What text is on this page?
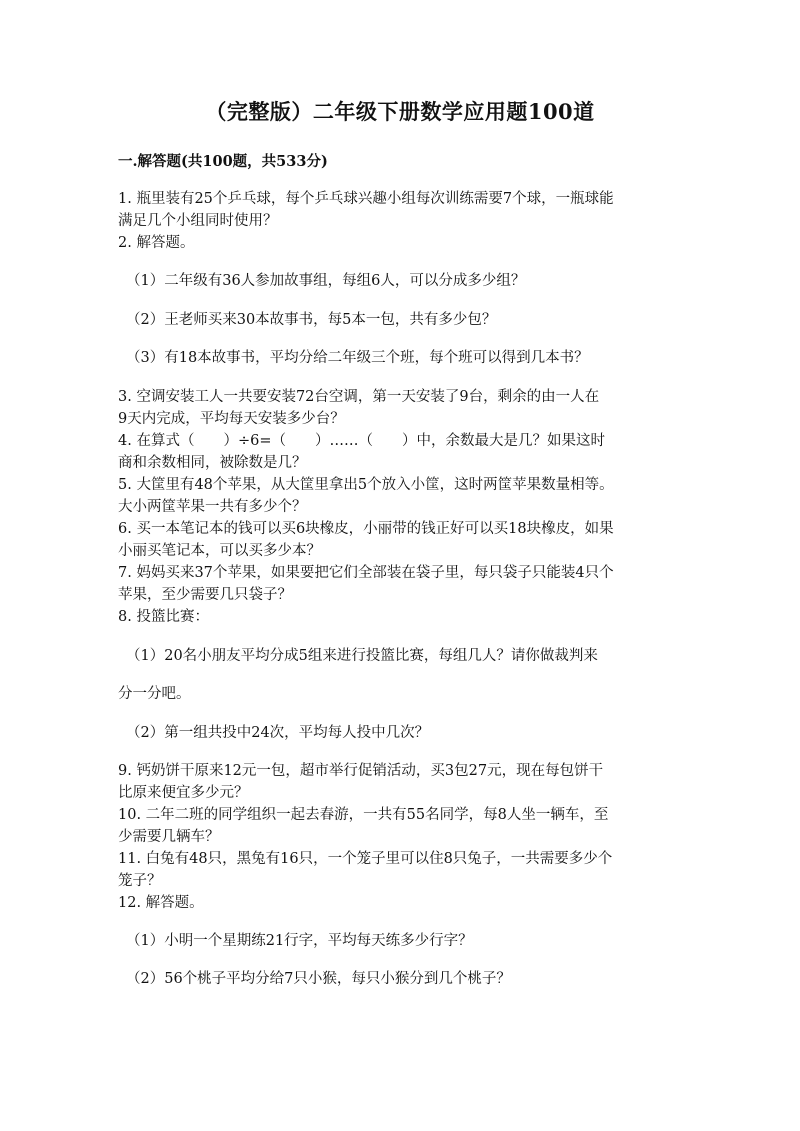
（完整版）二年级下册数学应用题100道
一.解答题(共100题，共533分)
1. 瓶里装有25个乒乓球，每个乒乓球兴趣小组每次训练需要7个球，一瓶球能
满足几个小组同时使用？
2. 解答题。
（1）二年级有36人参加故事组，每组6人，可以分成多少组？
（2）王老师买来30本故事书，每5本一包，共有多少包？
（3）有18本故事书，平均分给二年级三个班，每个班可以得到几本书？
3. 空调安装工人一共要安装72台空调，第一天安装了9台，剩余的由一人在
9天内完成，平均每天安装多少台？
4. 在算式（　　）÷6=（　　）……（　　）中，余数最大是几？如果这时
商和余数相同，被除数是几？
5. 大筐里有48个苹果，从大筐里拿出5个放入小筐，这时两筐苹果数量相等。
大小两筐苹果一共有多少个？
6. 买一本笔记本的钱可以买6块橡皮，小丽带的钱正好可以买18块橡皮，如果
小丽买笔记本，可以买多少本？
7. 妈妈买来37个苹果，如果要把它们全部装在袋子里，每只袋子只能装4只个
苹果，至少需要几只袋子？
8. 投篮比赛：
（1）20名小朋友平均分成5组来进行投篮比赛，每组几人？请你做裁判来
分一分吧。
（2）第一组共投中24次，平均每人投中几次？
9. 钙奶饼干原来12元一包，超市举行促销活动，买3包27元，现在每包饼干
比原来便宜多少元？
10. 二年二班的同学组织一起去春游，一共有55名同学，每8人坐一辆车，至
少需要几辆车？
11. 白兔有48只，黑兔有16只，一个笼子里可以住8只兔子，一共需要多少个
笼子？
12. 解答题。
（1）小明一个星期练21行字，平均每天练多少行字？
（2）56个桃子平均分给7只小猴，每只小猴分到几个桃子？
